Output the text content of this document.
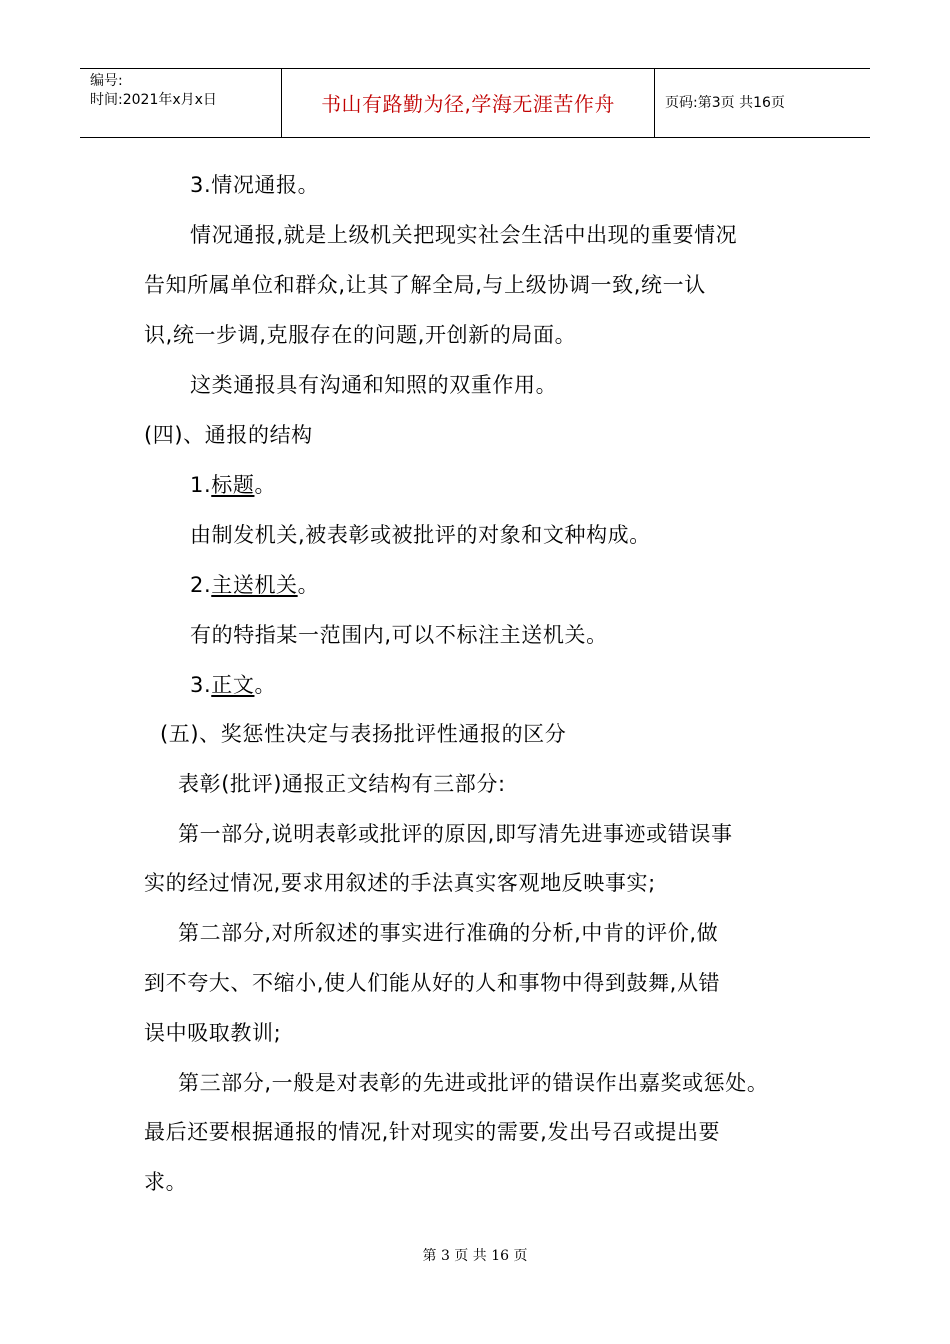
编号:
时间:2021年x月x日	书山有路勤为径,学海无涯苦作舟	页码:第3页 共16页
3.情况通报。
情况通报,就是上级机关把现实社会生活中出现的重要情况
告知所属单位和群众,让其了解全局,与上级协调一致,统一认
识,统一步调,克服存在的问题,开创新的局面。
这类通报具有沟通和知照的双重作用。
(四)、通报的结构
1.标题。
由制发机关,被表彰或被批评的对象和文种构成。
2.主送机关。
有的特指某一范围内,可以不标注主送机关。
3.正文。
(五)、奖惩性决定与表扬批评性通报的区分
表彰(批评)通报正文结构有三部分:
第一部分,说明表彰或批评的原因,即写清先进事迹或错误事
实的经过情况,要求用叙述的手法真实客观地反映事实;
第二部分,对所叙述的事实进行准确的分析,中肯的评价,做
到不夸大、不缩小,使人们能从好的人和事物中得到鼓舞,从错
误中吸取教训;
第三部分,一般是对表彰的先进或批评的错误作出嘉奖或惩处。
最后还要根据通报的情况,针对现实的需要,发出号召或提出要
求。
第 3 页 共 16 页
